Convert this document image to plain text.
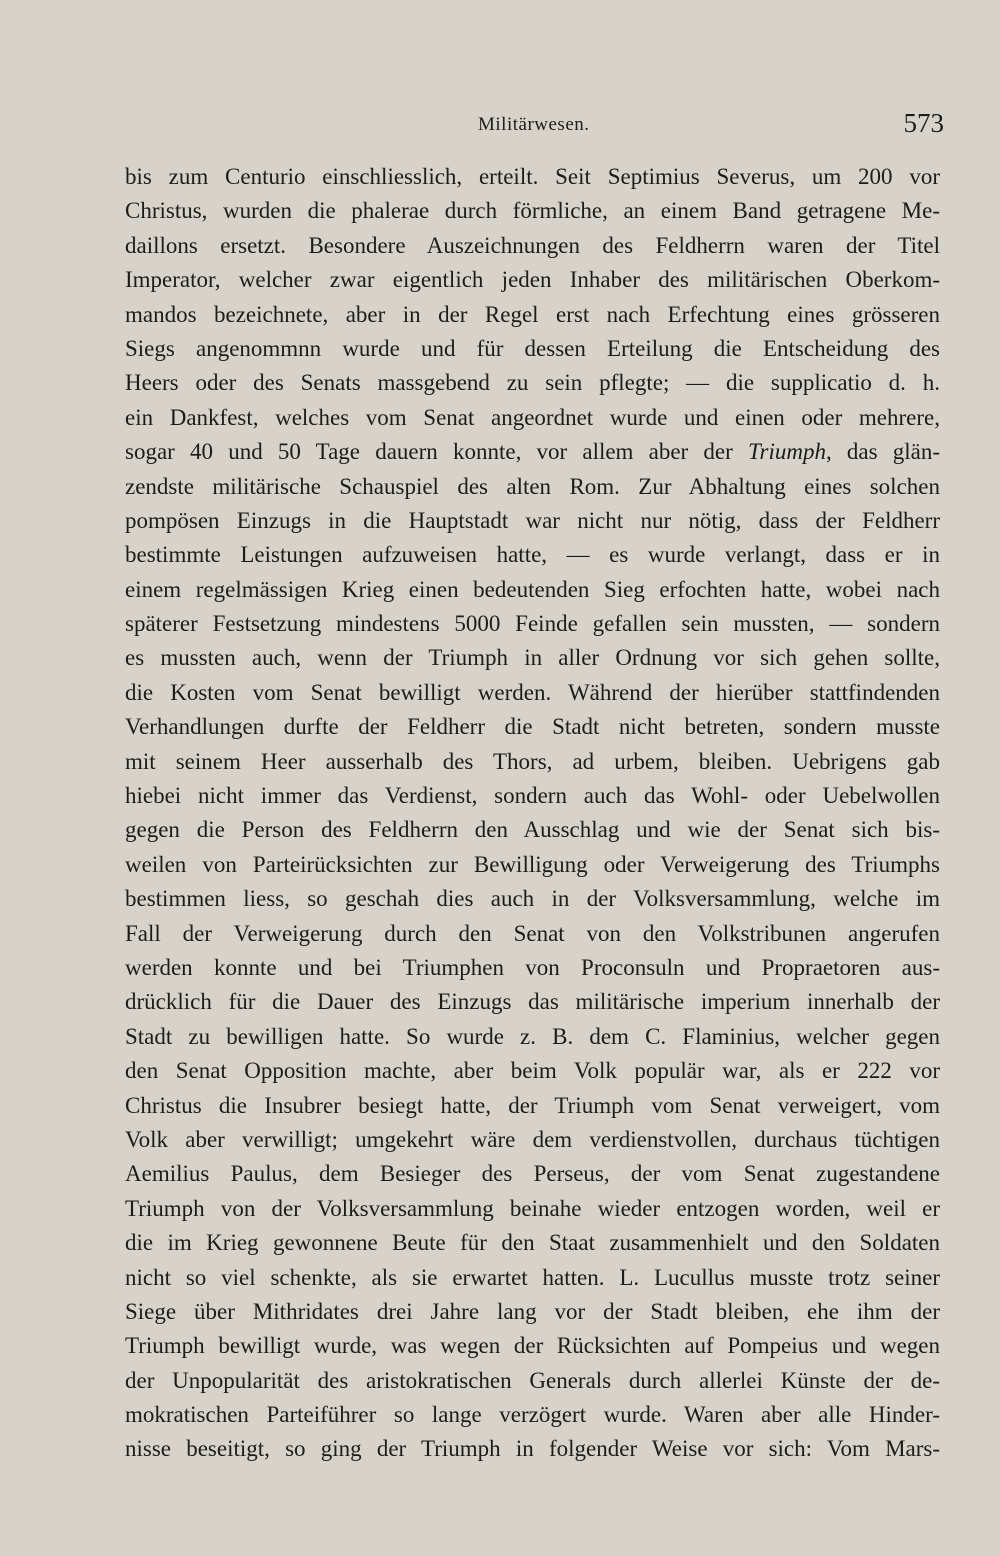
Militärwesen.	573
bis zum Centurio einschliesslich, erteilt. Seit Septimius Severus, um 200 vor
Christus, wurden die phalerae durch förmliche, an einem Band getragene Me-
daillons ersetzt. Besondere Auszeichnungen des Feldherrn waren der Titel
Imperator, welcher zwar eigentlich jeden Inhaber des militärischen Oberkom-
mandos bezeichnete, aber in der Regel erst nach Erfechtung eines grösseren
Siegs angenommnn wurde und für dessen Erteilung die Entscheidung des
Heers oder des Senats massgebend zu sein pflegte; — die supplicatio d. h.
ein Dankfest, welches vom Senat angeordnet wurde und einen oder mehrere,
sogar 40 und 50 Tage dauern konnte, vor allem aber der Triumph, das glän-
zendste militärische Schauspiel des alten Rom. Zur Abhaltung eines solchen
pompösen Einzugs in die Hauptstadt war nicht nur nötig, dass der Feldherr
bestimmte Leistungen aufzuweisen hatte, — es wurde verlangt, dass er in
einem regelmässigen Krieg einen bedeutenden Sieg erfochten hatte, wobei nach
späterer Festsetzung mindestens 5000 Feinde gefallen sein mussten, — sondern
es mussten auch, wenn der Triumph in aller Ordnung vor sich gehen sollte,
die Kosten vom Senat bewilligt werden. Während der hierüber stattfindenden
Verhandlungen durfte der Feldherr die Stadt nicht betreten, sondern musste
mit seinem Heer ausserhalb des Thors, ad urbem, bleiben. Uebrigens gab
hiebei nicht immer das Verdienst, sondern auch das Wohl- oder Uebelwollen
gegen die Person des Feldherrn den Ausschlag und wie der Senat sich bis-
weilen von Parteirücksichten zur Bewilligung oder Verweigerung des Triumphs
bestimmen liess, so geschah dies auch in der Volksversammlung, welche im
Fall der Verweigerung durch den Senat von den Volkstribunen angerufen
werden konnte und bei Triumphen von Proconsuln und Propraetoren aus-
drücklich für die Dauer des Einzugs das militärische imperium innerhalb der
Stadt zu bewilligen hatte. So wurde z. B. dem C. Flaminius, welcher gegen
den Senat Opposition machte, aber beim Volk populär war, als er 222 vor
Christus die Insubrer besiegt hatte, der Triumph vom Senat verweigert, vom
Volk aber verwilligt; umgekehrt wäre dem verdienstvollen, durchaus tüchtigen
Aemilius Paulus, dem Besieger des Perseus, der vom Senat zugestandene
Triumph von der Volksversammlung beinahe wieder entzogen worden, weil er
die im Krieg gewonnene Beute für den Staat zusammenhielt und den Soldaten
nicht so viel schenkte, als sie erwartet hatten. L. Lucullus musste trotz seiner
Siege über Mithridates drei Jahre lang vor der Stadt bleiben, ehe ihm der
Triumph bewilligt wurde, was wegen der Rücksichten auf Pompeius und wegen
der Unpopularität des aristokratischen Generals durch allerlei Künste der de-
mokratischen Parteiführer so lange verzögert wurde. Waren aber alle Hinder-
nisse beseitigt, so ging der Triumph in folgender Weise vor sich: Vom Mars-
